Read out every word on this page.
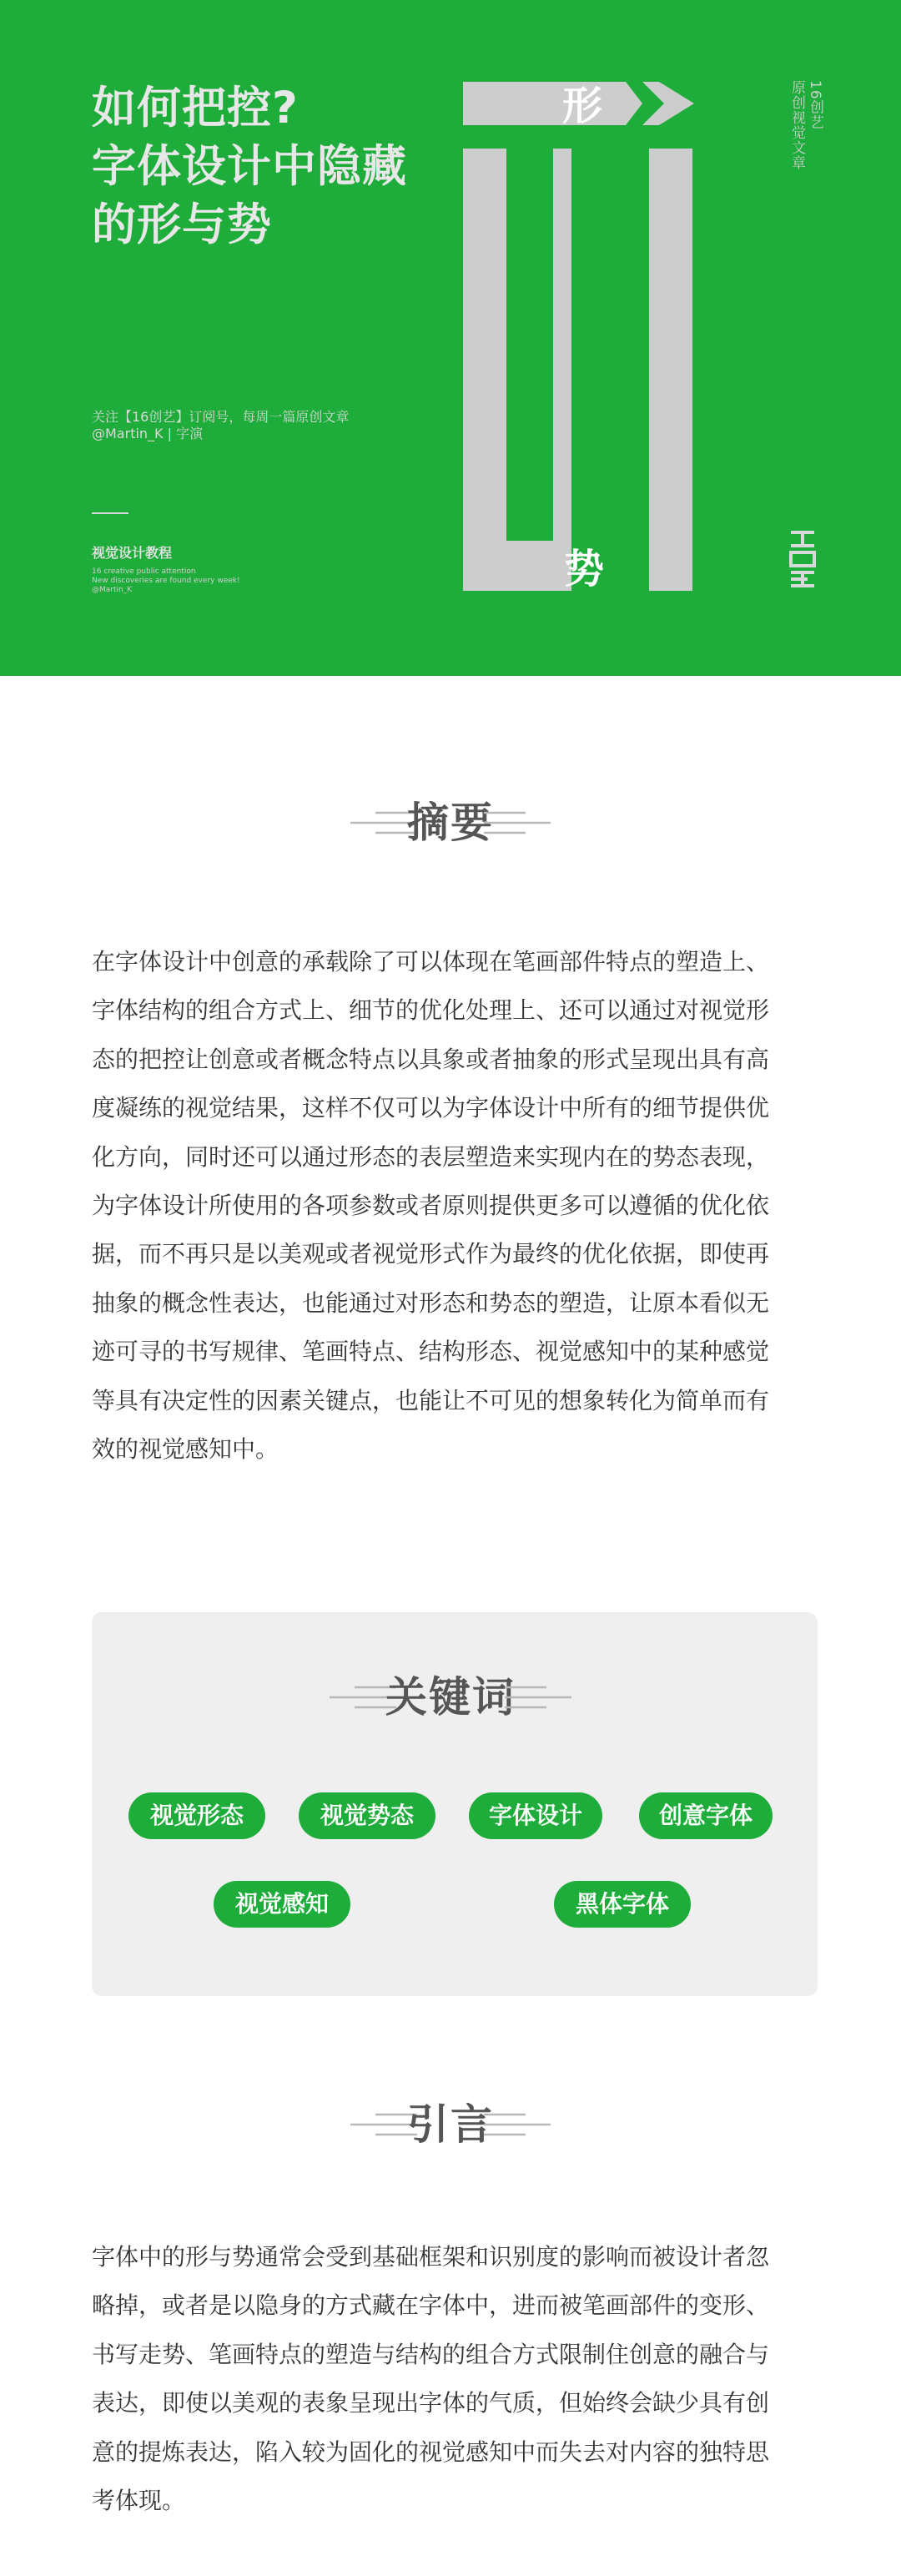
如何把控?
字体设计中隐藏
的形与势
关注【16创艺】订阅号，每周一篇原创文章
@Martin_K | 字演
视觉设计教程
16 creative public attention
New discoveries are found every week!
@Martin_K
形
势
16创艺
原创视觉文章
摘要
在字体设计中创意的承载除了可以体现在笔画部件特点的塑造上、
字体结构的组合方式上、细节的优化处理上、还可以通过对视觉形
态的把控让创意或者概念特点以具象或者抽象的形式呈现出具有高
度凝练的视觉结果，这样不仅可以为字体设计中所有的细节提供优
化方向，同时还可以通过形态的表层塑造来实现内在的势态表现，
为字体设计所使用的各项参数或者原则提供更多可以遵循的优化依
据，而不再只是以美观或者视觉形式作为最终的优化依据，即使再
抽象的概念性表达，也能通过对形态和势态的塑造，让原本看似无
迹可寻的书写规律、笔画特点、结构形态、视觉感知中的某种感觉
等具有决定性的因素关键点，也能让不可见的想象转化为简单而有
效的视觉感知中。
关键词
视觉形态	视觉势态	字体设计	创意字体
视觉感知	黑体字体
引言
字体中的形与势通常会受到基础框架和识别度的影响而被设计者忽
略掉，或者是以隐身的方式藏在字体中，进而被笔画部件的变形、
书写走势、笔画特点的塑造与结构的组合方式限制住创意的融合与
表达，即使以美观的表象呈现出字体的气质，但始终会缺少具有创
意的提炼表达，陷入较为固化的视觉感知中而失去对内容的独特思
考体现。
